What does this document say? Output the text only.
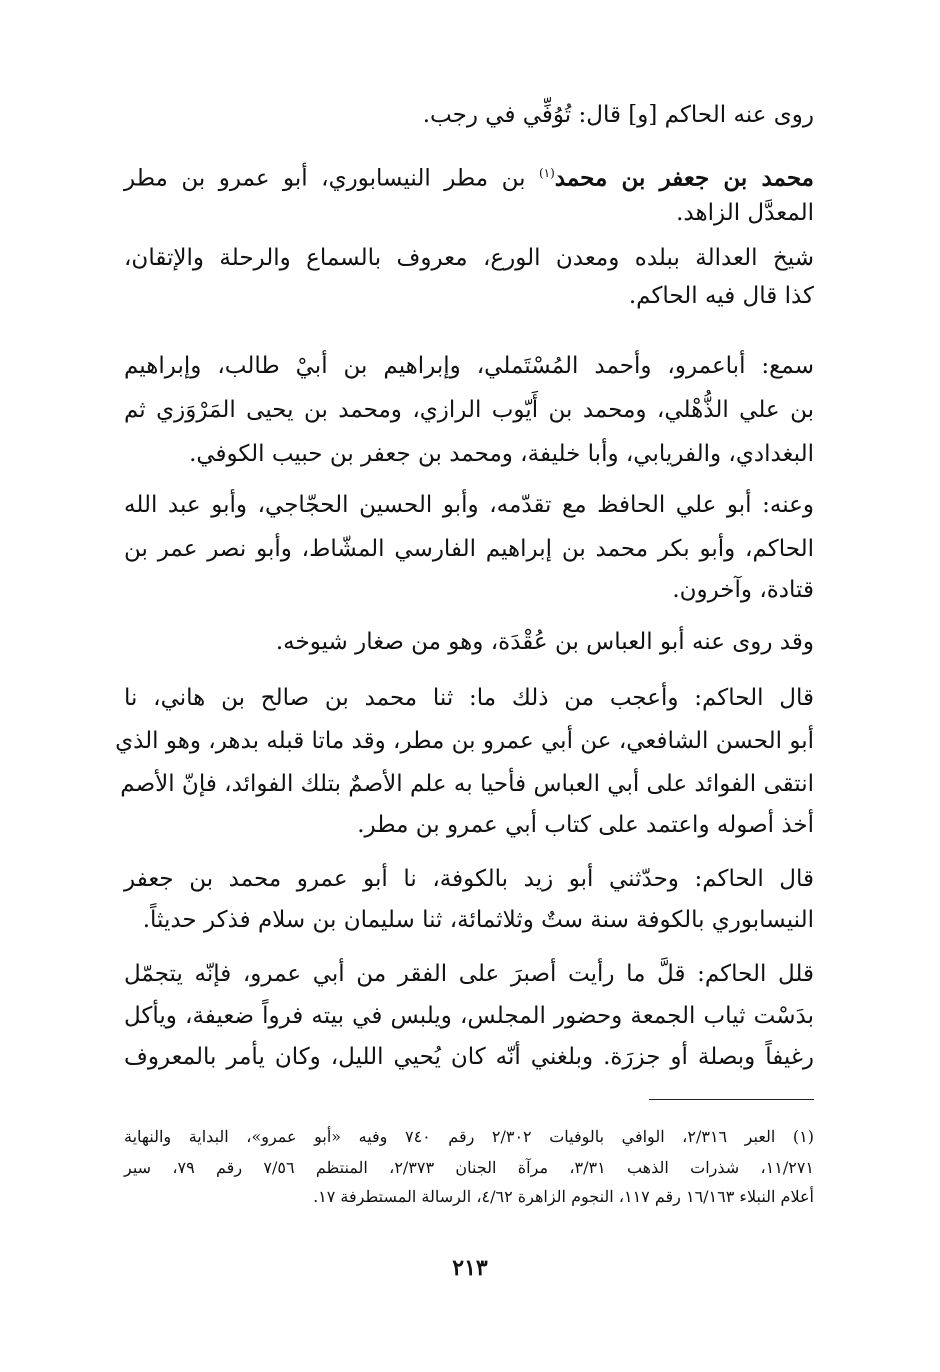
روى عنه الحاكم [و] قال: تُوُفِّي في رجب.
محمد بن جعفر بن محمد$^{(١)}$ بن مطر النيسابوري، أبو عمرو بن مطر
المعدَّل الزاهد.
شيخ العدالة ببلده ومعدن الورع، معروف بالسماع والرحلة والإتقان،
كذا قال فيه الحاكم.
سمع: أباعمرو، وأحمد المُسْتَملي، وإبراهيم بن أبيْ طالب، وإبراهيم
بن علي الذُّهْلي، ومحمد بن أَيّوب الرازي، ومحمد بن يحيى المَرْوَزي ثم
البغدادي، والفريابي، وأبا خليفة، ومحمد بن جعفر بن حبيب الكوفي.
وعنه: أبو علي الحافظ مع تقدّمه، وأبو الحسين الحجّاجي، وأبو عبد الله
الحاكم، وأبو بكر محمد بن إبراهيم الفارسي المشّاط، وأبو نصر عمر بن
قتادة، وآخرون.
وقد روى عنه أبو العباس بن عُقْدَة، وهو من صغار شيوخه.
قال الحاكم: وأعجب من ذلك ما: ثنا محمد بن صالح بن هاني، نا
أبو الحسن الشافعي، عن أبي عمرو بن مطر، وقد ماتا قبله بدهر، وهو الذي
انتقى الفوائد على أبي العباس فأحيا به علم الأصمٌ بتلك الفوائد، فإنّ الأصم
أخذ أصوله واعتمد على كتاب أبي عمرو بن مطر.
قال الحاكم: وحدّثني أبو زيد بالكوفة، نا أبو عمرو محمد بن جعفر
النيسابوري بالكوفة سنة ستٌ وثلاثمائة، ثنا سليمان بن سلام فذكر حديثاً.
قلل الحاكم: قلَّ ما رأيت أصبرَ على الفقر من أبي عمرو، فإنّه يتجمّل
بدَسْت ثياب الجمعة وحضور المجلس، ويلبس في بيته فرواً ضعيفة، ويأكل
رغيفاً وبصلة أو جزرَة. وبلغني أنّه كان يُحيي الليل، وكان يأمر بالمعروف
(١) العبر ٢/٣١٦، الوافي بالوفيات ٢/٣٠٢ رقم ٧٤٠ وفيه «أبو عمرو»، البداية والنهاية
١١/٢٧١، شذرات الذهب ٣/٣١، مرآة الجنان ٢/٣٧٣، المنتظم ٧/٥٦ رقم ٧٩، سير
أعلام النبلاء ١٦/١٦٣ رقم ١١٧، النجوم الزاهرة ٤/٦٢، الرسالة المستطرفة ١٧.
٢١٣
